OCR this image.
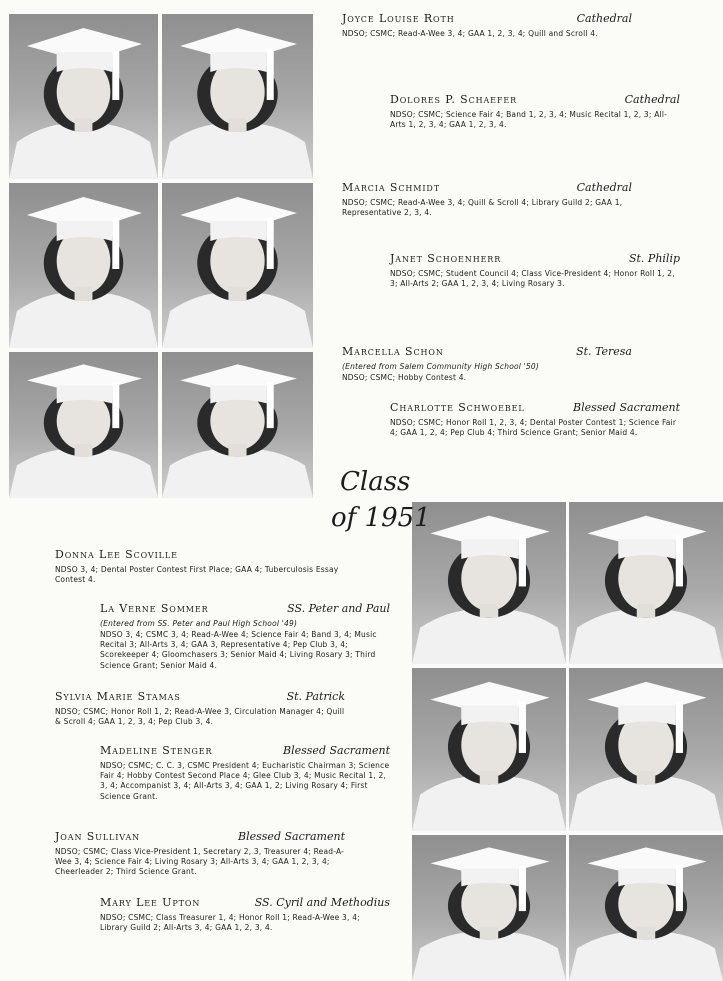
Class
of 1951
Joyce Louise Roth	Cathedral
NDSO; CSMC; Read-A-Wee 3, 4; GAA 1, 2, 3, 4; Quill and Scroll 4.
Dolores P. Schaefer	Cathedral
NDSO; CSMC; Science Fair 4; Band 1, 2, 3, 4; Music Recital 1, 2, 3; All-Arts 1, 2, 3, 4; GAA 1, 2, 3, 4.
Marcia Schmidt	Cathedral
NDSO; CSMC; Read-A-Wee 3, 4; Quill & Scroll 4; Library Guild 2; GAA 1, Representative 2, 3, 4.
Janet Schoenherr	St. Philip
NDSO; CSMC; Student Council 4; Class Vice-President 4; Honor Roll 1, 2, 3; All-Arts 2; GAA 1, 2, 3, 4; Living Rosary 3.
Marcella Schon	St. Teresa
(Entered from Salem Community High School '50)
NDSO; CSMC; Hobby Contest 4.
Charlotte Schwoebel	Blessed Sacrament
NDSO; CSMC; Honor Roll 1, 2, 3, 4; Dental Poster Contest 1; Science Fair 4; GAA 1, 2, 4; Pep Club 4; Third Science Grant; Senior Maid 4.
Donna Lee Scoville
NDSO 3, 4; Dental Poster Contest First Place; GAA 4; Tuberculosis Essay Contest 4.
La Verne Sommer	SS. Peter and Paul
(Entered from SS. Peter and Paul High School '49)
NDSO 3, 4; CSMC 3, 4; Read-A-Wee 4; Science Fair 4; Band 3, 4; Music Recital 3; All-Arts 3, 4; GAA 3, Representative 4; Pep Club 3, 4; Scorekeeper 4; Gloomchasers 3; Senior Maid 4; Living Rosary 3; Third Science Grant; Senior Maid 4.
Sylvia Marie Stamas	St. Patrick
NDSO; CSMC; Honor Roll 1, 2; Read-A-Wee 3, Circulation Manager 4; Quill & Scroll 4; GAA 1, 2, 3, 4; Pep Club 3, 4.
Madeline Stenger	Blessed Sacrament
NDSO; CSMC; C. C. 3, CSMC President 4; Eucharistic Chairman 3; Science Fair 4; Hobby Contest Second Place 4; Glee Club 3, 4; Music Recital 1, 2, 3, 4; Accompanist 3, 4; All-Arts 3, 4; GAA 1, 2; Living Rosary 4; First Science Grant.
Joan Sullivan	Blessed Sacrament
NDSO; CSMC; Class Vice-President 1, Secretary 2, 3, Treasurer 4; Read-A-Wee 3, 4; Science Fair 4; Living Rosary 3; All-Arts 3, 4; GAA 1, 2, 3, 4; Cheerleader 2; Third Science Grant.
Mary Lee Upton	SS. Cyril and Methodius
NDSO; CSMC; Class Treasurer 1, 4; Honor Roll 1; Read-A-Wee 3, 4; Library Guild 2; All-Arts 3, 4; GAA 1, 2, 3, 4.
